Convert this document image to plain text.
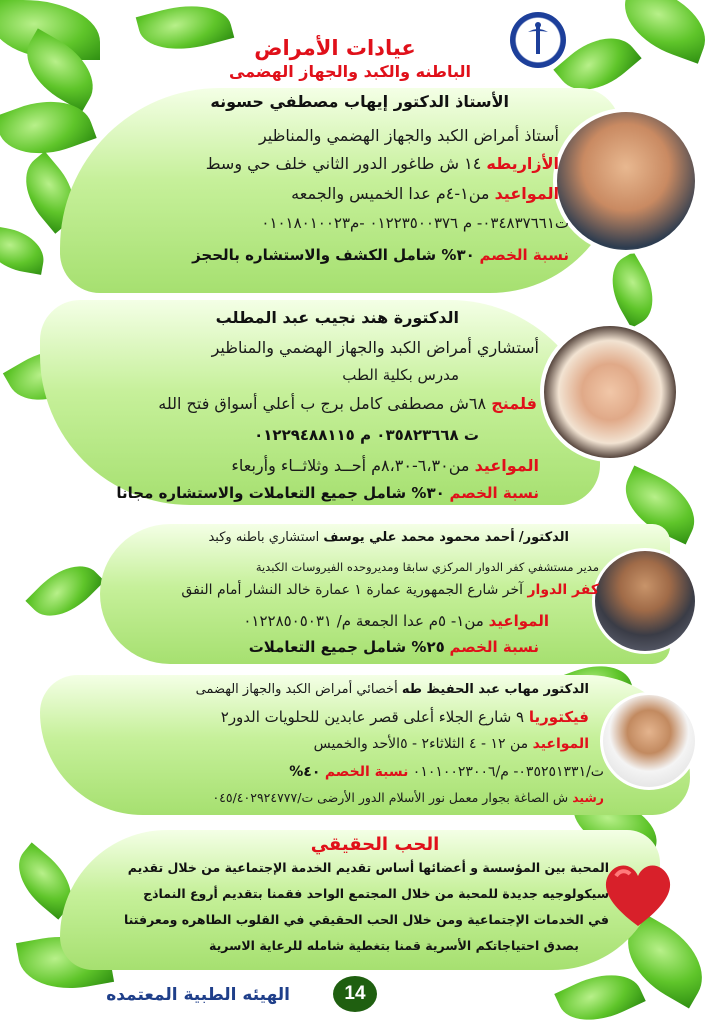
عيادات الأمراض
الباطنه والكبد والجهاز الهضمى
الأستاذ الدكتور إيهاب مصطفي حسونه
أستاذ أمراض الكبد والجهاز الهضمي والمناظير
الأزاريطه ١٤ ش طاغور الدور الثاني خلف حي وسط
المواعيد من١-٤م عدا الخميس والجمعه
ت٠٣٤٨٣٧٦٦١- م ٠١٢٢٣٥٠٠٣٧٦ -م٠١٠١٨٠١٠٠٢٣
نسبة الخصم ٣٠% شامل الكشف والاستشاره بالحجز
الدكتورة هند نجيب عبد المطلب
أستشاري أمراض الكبد والجهاز الهضمي والمناظير
مدرس بكلية الطب
فلمنج ٦٨ش مصطفى كامل برج ب أعلي أسواق فتح الله
ت ٠٣٥٨٢٣٦٦٨ م ٠١٢٢٩٤٨٨١١٥
المواعيد من٦،٣٠-٨،٣٠م أحــد وثلاثــاء وأربعاء
نسبة الخصم ٣٠% شامل جميع التعاملات والاستشاره مجانا
الدكتور/ أحمد محمود محمد علي يوسف استشاري باطنه وكبد
مدير مستشفي كفر الدوار المركزي سابقا ومديروحده الفيروسات الكبدية
كفر الدوار آخر شارع الجمهورية عمارة ١ عمارة خالد النشار أمام النفق
المواعيد من١- ٥م عدا الجمعة م/ ٠١٢٢٨٥٠٥٠٣١
نسبة الخصم ٢٥% شامل جميع التعاملات
الدكتور مهاب عبد الحفيظ طه أخصائي أمراض الكبد والجهاز الهضمى
فيكتوريا ٩ شارع الجلاء أعلى قصر عابدين للحلويات الدور٢
المواعيد من ١٢ - ٤ الثلاثاء٢ - ٥الأحد والخميس
ت/٠٣٥٢٥١٣٣١- م/٠١٠١٠٠٢٣٠٠٦ نسبة الخصم ٤٠%
رشيد ش الصاغة بجوار معمل نور الأسلام الدور الأرضى ت/٠٤٥/٤٠٢٩٢٤٧٧٧
الحب الحقيقي
المحبة بين المؤسسة و أعضائها أساس تقديم الخدمة الإجتماعية من خلال تقديم
سيكولوجيه جديدة للمحبة من خلال المجتمع الواحد فقمنا بتقديم أروع النماذج
في الخدمات الإجتماعية ومن خلال الحب الحقيقي في القلوب الطاهره ومعرفتنا
بصدق احتياجاتكم الأسرية قمنا بتغطية شامله للرعاية الاسرية
الهيئه الطبية المعتمده	14
